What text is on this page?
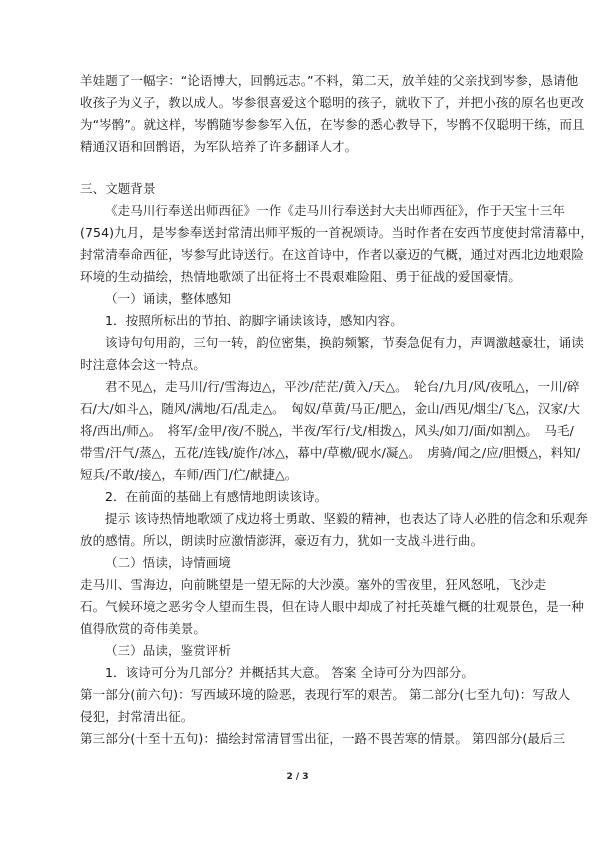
羊娃题了一幅字：“论语博大，回鹘远志。”不料，第二天，放羊娃的父亲找到岑参，恳请他
收孩子为义子，教以成人。岑参很喜爱这个聪明的孩子，就收下了，并把小孩的原名也更改
为“岑鹘”。就这样，岑鹘随岑参参军入伍，在岑参的悉心教导下，岑鹘不仅聪明干练，而且
精通汉语和回鹘语，为军队培养了许多翻译人才。
三、文题背景
《走马川行奉送出师西征》一作《走马川行奉送封大夫出师西征》，作于天宝十三年
(754)九月，是岑参奉送封常清出师平叛的一首祝颂诗。当时作者在安西节度使封常清幕中，
封常清奉命西征，岑参写此诗送行。在这首诗中，作者以豪迈的气概，通过对西北边地艰险
环境的生动描绘，热情地歌颂了出征将士不畏艰难险阻、勇于征战的爱国豪情。
（一）诵读，整体感知
1．按照所标出的节拍、韵脚字诵读该诗，感知内容。
该诗句句用韵，三句一转，韵位密集，换韵频繁，节奏急促有力，声调激越豪壮，诵读
时注意体会这一特点。
君不见△，走马川/行/雪海边△，平沙/茫茫/黄入/天△。　轮台/九月/风/夜吼△，一川/碎
石/大/如斗△，随风/满地/石/乱走△。　匈奴/草黄/马正/肥△，金山/西见/烟尘/飞△，汉家/大
将/西出/师△。　将军/金甲/夜/不脱△，半夜/军行/戈/相拨△，风头/如刀/面/如割△。　马毛/
带雪/汗气/蒸△，五花/连钱/旋作/冰△，幕中/草檄/砚水/凝△。　虏骑/闻之/应/胆慑△，料知/
短兵/不敢/接△，车师/西门/伫/献捷△。
2．在前面的基础上有感情地朗读该诗。
提示 该诗热情地歌颂了戍边将士勇敢、坚毅的精神，也表达了诗人必胜的信念和乐观奔
放的感情。所以，朗读时应激情澎湃，豪迈有力，犹如一支战斗进行曲。
（二）悟读，诗情画境
走马川、雪海边，向前眺望是一望无际的大沙漠。塞外的雪夜里，狂风怒吼，飞沙走
石。气候环境之恶劣令人望而生畏，但在诗人眼中却成了衬托英雄气概的壮观景色，是一种
值得欣赏的奇伟美景。
（三）品读，鉴赏评析
1．该诗可分为几部分？并概括其大意。 答案 全诗可分为四部分。
第一部分(前六句)：写西域环境的险恶，表现行军的艰苦。 第二部分(七至九句)：写敌人
侵犯，封常清出征。
第三部分(十至十五句)：描绘封常清冒雪出征，一路不畏苦寒的情景。 第四部分(最后三
2 / 3
